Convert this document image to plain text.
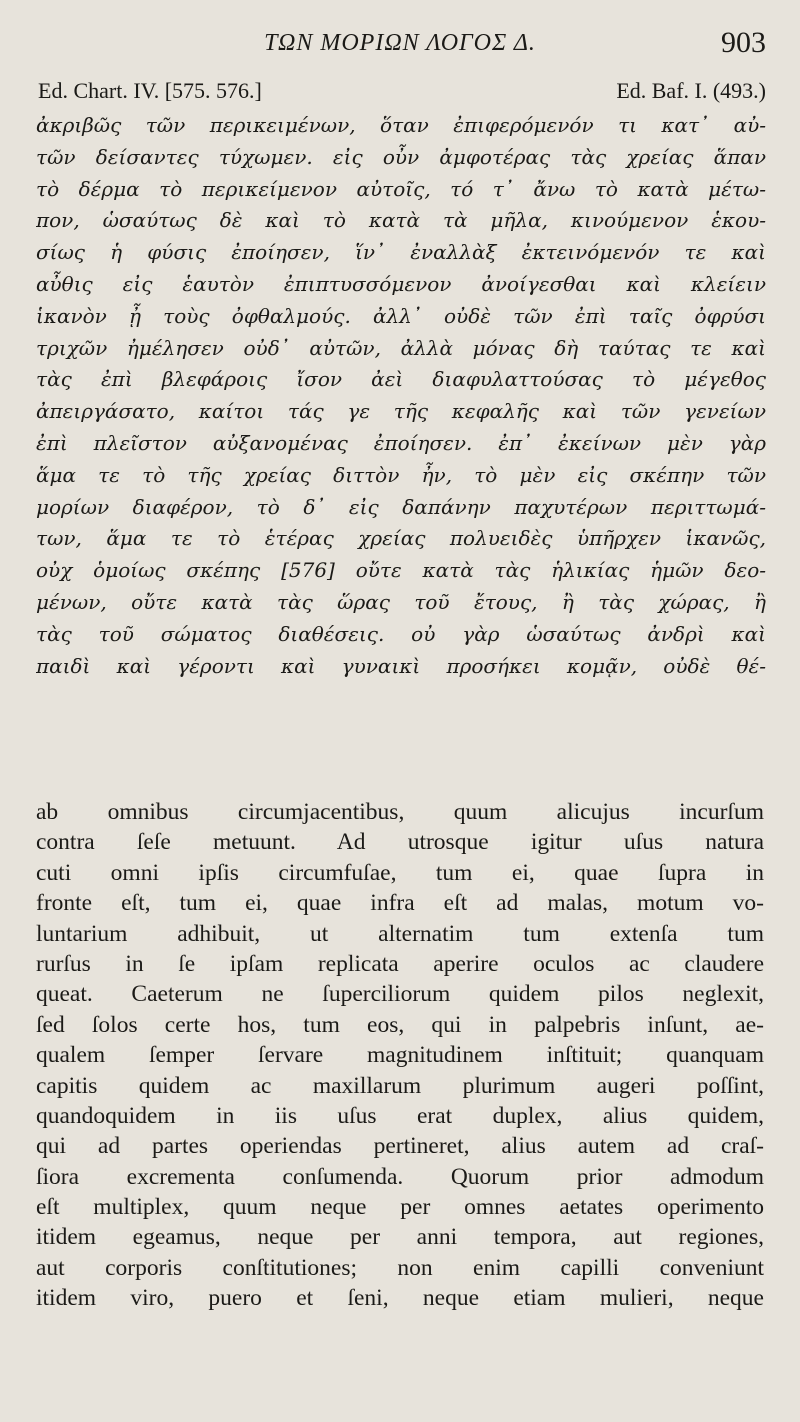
ΤΩΝ ΜΟΡΙΩΝ ΛΟΓΟΣ Δ.	903
Ed. Chart. IV. [575. 576.]	Ed. Baf. I. (493.)
ἀκριβῶς τῶν περικειμένων, ὅταν ἐπιφερόμενόν τι κατ᾽ αὐ-
τῶν δείσαντες τύχωμεν. εἰς οὖν ἀμφοτέρας τὰς χρείας ἅπαν
τὸ δέρμα τὸ περικείμενον αὐτοῖς, τό τ᾽ ἄνω τὸ κατὰ μέτω-
πον, ὡσαύτως δὲ καὶ τὸ κατὰ τὰ μῆλα, κινούμενον ἑκου-
σίως ἡ φύσις ἐποίησεν, ἵν᾽ ἐναλλὰξ ἐκτεινόμενόν τε καὶ
αὖθις εἰς ἑαυτὸν ἐπιπτυσσόμενον ἀνοίγεσθαι καὶ κλείειν
ἱκανὸν ᾖ τοὺς ὀφθαλμούς. ἀλλ᾽ οὐδὲ τῶν ἐπὶ ταῖς ὀφρύσι
τριχῶν ἠμέλησεν οὐδ᾽ αὐτῶν, ἀλλὰ μόνας δὴ ταύτας τε καὶ
τὰς ἐπὶ βλεφάροις ἴσον ἀεὶ διαφυλαττούσας τὸ μέγεθος
ἀπειργάσατο, καίτοι τάς γε τῆς κεφαλῆς καὶ τῶν γενείων
ἐπὶ πλεῖστον αὐξανομένας ἐποίησεν. ἐπ᾽ ἐκείνων μὲν γὰρ
ἅμα τε τὸ τῆς χρείας διττὸν ἦν, τὸ μὲν εἰς σκέπην τῶν
μορίων διαφέρον, τὸ δ᾽ εἰς δαπάνην παχυτέρων περιττωμά-
των, ἅμα τε τὸ ἑτέρας χρείας πολυειδὲς ὑπῆρχεν ἱκανῶς,
οὐχ ὁμοίως σκέπης [576] οὔτε κατὰ τὰς ἡλικίας ἡμῶν δεο-
μένων, οὔτε κατὰ τὰς ὥρας τοῦ ἔτους, ἢ τὰς χώρας, ἢ
τὰς τοῦ σώματος διαθέσεις. οὐ γὰρ ὡσαύτως ἀνδρὶ καὶ
παιδὶ καὶ γέροντι καὶ γυναικὶ προσήκει κομᾷν, οὐδὲ θέ-
ab omnibus circumjacentibus, quum alicujus incurſum
contra ſeſe metuunt. Ad utrosque igitur uſus natura
cuti omni ipſis circumfuſae, tum ei, quae ſupra in
fronte eſt, tum ei, quae infra eſt ad malas, motum vo-
luntarium adhibuit, ut alternatim tum extenſa tum
rurſus in ſe ipſam replicata aperire oculos ac claudere
queat. Caeterum ne ſuperciliorum quidem pilos neglexit,
ſed ſolos certe hos, tum eos, qui in palpebris inſunt, ae-
qualem ſemper ſervare magnitudinem inſtituit; quanquam
capitis quidem ac maxillarum plurimum augeri poſſint,
quandoquidem in iis uſus erat duplex, alius quidem,
qui ad partes operiendas pertineret, alius autem ad craſ-
ſiora excrementa conſumenda. Quorum prior admodum
eſt multiplex, quum neque per omnes aetates operimento
itidem egeamus, neque per anni tempora, aut regiones,
aut corporis conſtitutiones; non enim capilli conveniunt
itidem viro, puero et ſeni, neque etiam mulieri, neque
